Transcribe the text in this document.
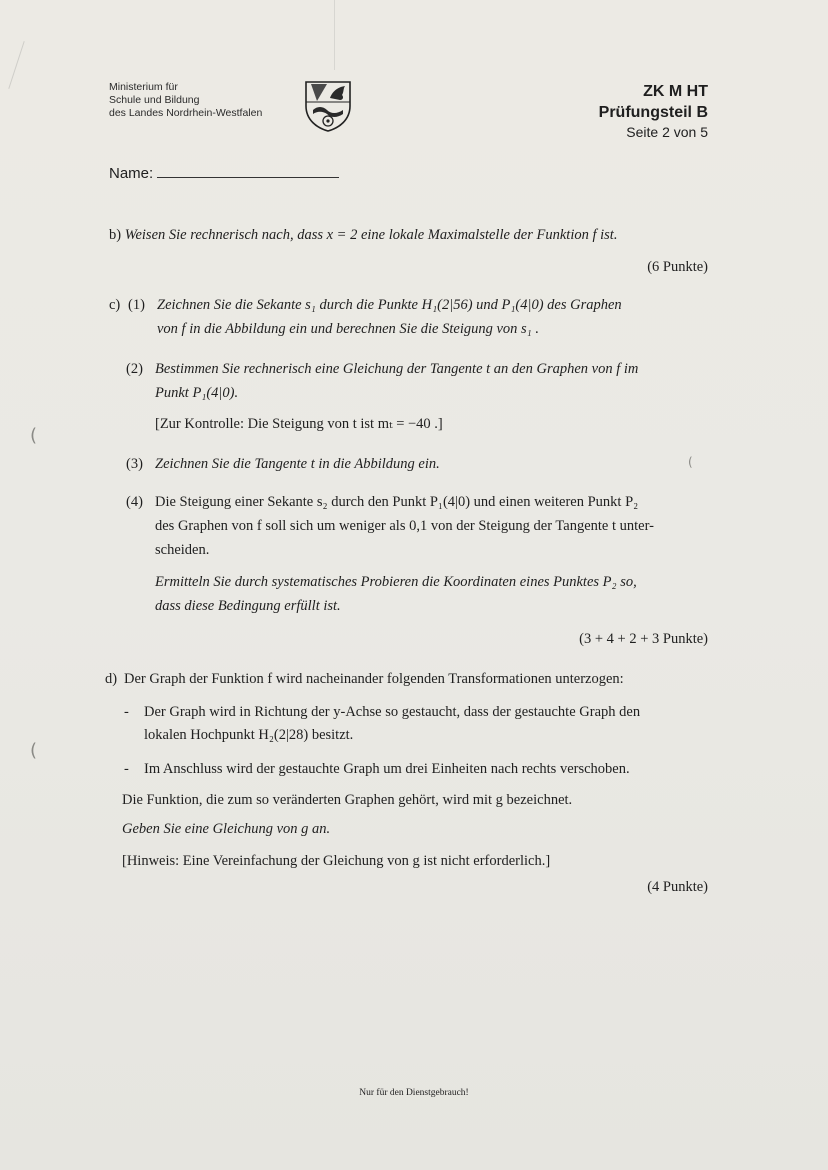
Ministerium für
Schule und Bildung
des Landes Nordrhein-Westfalen
ZK M HT
Prüfungsteil B
Seite 2 von 5
Name:
b) Weisen Sie rechnerisch nach, dass x = 2 eine lokale Maximalstelle der Funktion f ist.
(6 Punkte)
c) (1) Zeichnen Sie die Sekante s₁ durch die Punkte H₁(2|56) und P₁(4|0) des Graphen
von f in die Abbildung ein und berechnen Sie die Steigung von s₁ .
(2) Bestimmen Sie rechnerisch eine Gleichung der Tangente t an den Graphen von f im
Punkt P₁(4|0).
[Zur Kontrolle: Die Steigung von t ist mₜ = −40 .]
(3) Zeichnen Sie die Tangente t in die Abbildung ein.
(4) Die Steigung einer Sekante s₂ durch den Punkt P₁(4|0) und einen weiteren Punkt P₂
des Graphen von f soll sich um weniger als 0,1 von der Steigung der Tangente t unter-
scheiden.
Ermitteln Sie durch systematisches Probieren die Koordinaten eines Punktes P₂ so,
dass diese Bedingung erfüllt ist.
(3 + 4 + 2 + 3 Punkte)
d) Der Graph der Funktion f wird nacheinander folgenden Transformationen unterzogen:
- Der Graph wird in Richtung der y-Achse so gestaucht, dass der gestauchte Graph den
lokalen Hochpunkt H₂(2|28) besitzt.
- Im Anschluss wird der gestauchte Graph um drei Einheiten nach rechts verschoben.
Die Funktion, die zum so veränderten Graphen gehört, wird mit g bezeichnet.
Geben Sie eine Gleichung von g an.
[Hinweis: Eine Vereinfachung der Gleichung von g ist nicht erforderlich.]
(4 Punkte)
(
(
(
Nur für den Dienstgebrauch!
